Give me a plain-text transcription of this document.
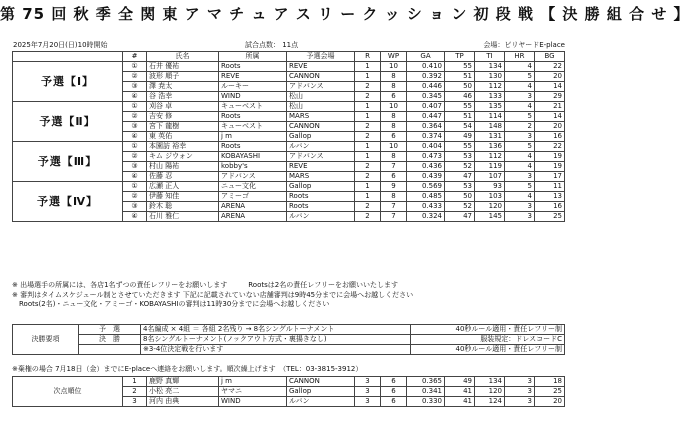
第 75 回 秋 季 全 関 東 ア マ チ ュ ア ス リ ー ク ッ シ ョ ン 初 段 戦 【 決 勝 組 合 せ 】
2025年7月20日(日)10時開始	試合点数： 11点	会場：ビリヤードE-place
	#	氏名	所属	予選会場	R	WP	GA	TP	TI	HR	BG
予選【Ⅰ】	①	石井 優祐	Roots	REVE	1	10	0.410	55	134	4	22
	②	波形 順子	REVE	CANNON	1	8	0.392	51	130	5	20
	③	澤 尭太	ルーキー	アドバンス	2	8	0.446	50	112	4	14
	④	谷 浩幸	WIND	松山	2	6	0.345	46	133	3	29
予選【Ⅱ】	①	刈谷 卓	キューベスト	松山	1	10	0.407	55	135	4	21
	②	吉安 修	Roots	MARS	1	8	0.447	51	114	5	14
	③	宮下 龍樹	キューベスト	CANNON	2	8	0.364	54	148	2	20
	④	東 英佑	j m	Gallop	2	6	0.374	49	131	3	16
予選【Ⅲ】	①	本園訪 裕幸	Roots	ルバン	1	10	0.404	55	136	5	22
	②	キム ジウォン	KOBAYASHI	アドバンス	1	8	0.473	53	112	4	19
	③	村山 陽祐	kobby's	REVE	2	7	0.436	52	119	4	19
	④	佐藤 忍	アドバンス	MARS	2	6	0.439	47	107	3	17
予選【Ⅳ】	①	広瀬 正人	ニュー文化	Gallop	1	9	0.569	53	93	5	11
	②	伊藤 知佳	アミーゴ	Roots	1	8	0.485	50	103	4	13
	③	鈴木 聡	ARENA	Roots	2	7	0.433	52	120	3	16
	④	石川 雅仁	ARENA	ルバン	2	7	0.324	47	145	3	25
※ 出場選手の所属には、各店1名ずつの責任レフリーをお願いします　　　Rootsは2名の責任レフリーをお願いいたします
※ 審判はタイムスケジュール制とさせていただきます 下記に記載されていない店舗審判は9時45分までに会場へお越しください
　Roots(2名)・ニュー文化・アミーゴ・KOBAYASHIの審判は11時30分までに会場へお越しください
決勝要項	予　選	4名編成 × 4組 ＝ 各組 2名残り → 8名シングルトーナメント	40秒ルール適用・責任レフリー制
	決　勝	8名シングルトーナメント(ノックアウト方式・裏揚きなし)	服装規定：ドレスコードC
		※3-4位決定戦を行います	40秒ルール適用・責任レフリー制
※棄権の場合 7月18日（金）までにE-placeへ連絡をお願いします。順次繰上げます　（TEL：03-3815-3912）
次点順位	1	鹿野 真輝	j m	CANNON	3	6	0.365	49	134	3	18
	2	小松 亮二	ヤマニ	Gallop	3	6	0.341	41	120	3	25
	3	河内 由典	WIND	ルバン	3	6	0.330	41	124	3	20
